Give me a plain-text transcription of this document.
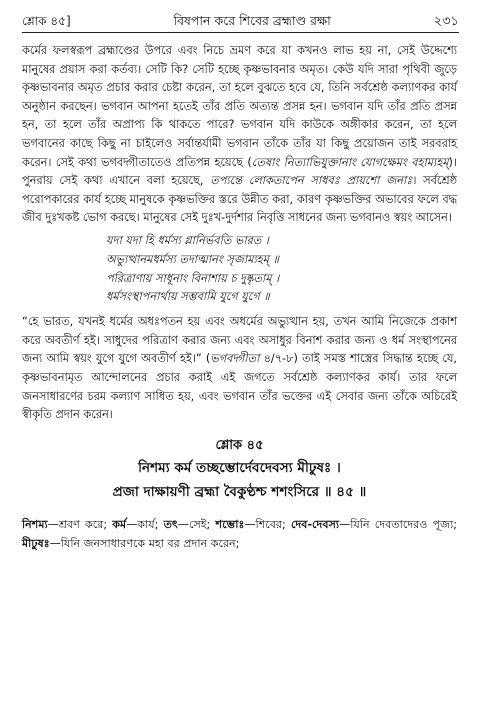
শ্লোক ৪৫]	বিষপান করে শিবের ব্রহ্মাণ্ড রক্ষা	২৩১

কর্মের ফলস্বরূপ ব্রহ্মাণ্ডের উপরে এবং নিচে ভ্রমণ করে যা কখনও লাভ হয় না, সেই উদ্দেশ্যে মানুষের প্রয়াস করা কর্তব্য। সেটি কি? সেটি হচ্ছে কৃষ্ণভাবনার অমৃত। কেউ যদি সারা পৃথিবী জুড়ে কৃষ্ণভাবনার অমৃত প্রচার করার চেষ্টা করেন, তা হলে বুঝতে হবে যে, তিনি সর্বশ্রেষ্ঠ কল্যাণকর কার্য অনুষ্ঠান করছেন। ভগবান আপনা হতেই তাঁর প্রতি অত্যন্ত প্রসন্ন হন। ভগবান যদি তাঁর প্রতি প্রসন্ন হন, তা হলে তাঁর অপ্রাপ্য কি থাকতে পারে? ভগবান যদি কাউকে অঙ্গীকার করেন, তা হলে ভগবানের কাছে কিছু না চাইলেও সর্বান্তর্যামী ভগবান তাঁকে তাঁর যা কিছু প্রয়োজন তাই সরবরাহ করেন। সেই কথা ভগবদ্গীতাতেও প্রতিপন্ন হয়েছে (তেষাং নিত্যাভিযুক্তানাং যোগক্ষেমং বহাম্যহম্)। পুনরায় সেই কথা এখানে বলা হয়েছে, তপ্যন্তে লোকতাপেন সাধবঃ প্রায়শো জনাঃ। সর্বশ্রেষ্ঠ পরোপকারের কার্য হচ্ছে মানুষকে কৃষ্ণভক্তির স্তরে উন্নীত করা, কারণ কৃষ্ণভক্তির অভাবের ফলে বদ্ধ জীব দুঃখকষ্ট ভোগ করছে। মানুষের সেই দুঃখ-দুর্দশার নিবৃত্তি সাধনের জন্য ভগবানও স্বয়ং আসেন।

যদা যদা হি ধর্মস্য গ্লানির্ভবতি ভারত ।
অভ্যুত্থানমধর্মস্য তদাত্মানং সৃজাম্যহম্ ॥
পরিত্রাণায় সাধূনাং বিনাশায় চ দুষ্কৃতাম্ ।
ধর্মসংস্থাপনার্থায় সম্ভবামি যুগে যুগে ॥

“হে ভারত, যখনই ধর্মের অধঃপতন হয় এবং অধর্মের অভ্যুত্থান হয়, তখন আমি নিজেকে প্রকাশ করে অবতীর্ণ হই। সাধুদের পরিত্রাণ করার জন্য এবং অসাধুর বিনাশ করার জন্য ও ধর্ম সংস্থাপনের জন্য আমি স্বয়ং যুগে যুগে অবতীর্ণ হই।” (ভগবদ্গীতা ৪/৭-৮) তাই সমস্ত শাস্ত্রের সিদ্ধান্ত হচ্ছে যে, কৃষ্ণভাবনামৃত আন্দোলনের প্রচার করাই এই জগতে সর্বশ্রেষ্ঠ কল্যাণকর কার্য। তার ফলে জনসাধারণের চরম কল্যাণ সাধিত হয়, এবং ভগবান তাঁর ভক্তের এই সেবার জন্য তাঁকে অচিরেই স্বীকৃতি প্রদান করেন।

শ্লোক ৪৫
নিশম্য কর্ম তচ্ছম্ভোর্দেবদেবস্য মীঢুষঃ ।
প্রজা দাক্ষায়ণী ব্রহ্মা বৈকুণ্ঠশ্চ শশংসিরে ॥ ৪৫ ॥

নিশম্য—শ্রবণ করে; কর্ম—কার্য; তৎ—সেই; শম্ভোঃ—শিবের; দেব-দেবস্য—যিনি দেবতাদেরও পূজ্য; মীঢুষঃ—যিনি জনসাধারণকে মহা বর প্রদান করেন;
